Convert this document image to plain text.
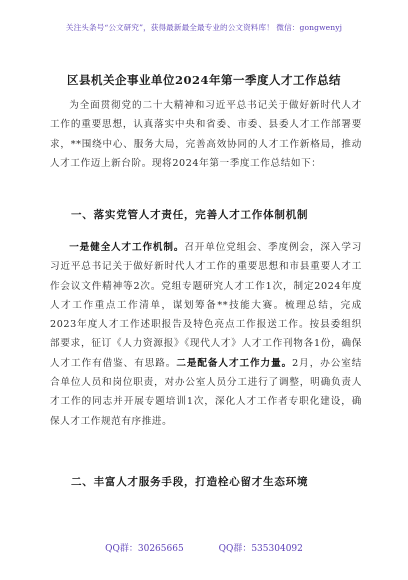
关注头条号“公文研究”，获得最新最全最专业的公文资料库！ 微信：gongwenyj
区县机关企事业单位2024年第一季度人才工作总结
为全面贯彻党的二十大精神和习近平总书记关于做好新时代人才工作的重要思想，认真落实中央和省委、市委、县委人才工作部署要求，**围绕中心、服务大局，完善高效协同的人才工作新格局，推动人才工作迈上新台阶。现将2024年第一季度工作总结如下：
一、落实党管人才责任，完善人才工作体制机制
一是健全人才工作机制。召开单位党组会、季度例会，深入学习习近平总书记关于做好新时代人才工作的重要思想和市县重要人才工作会议文件精神等2次。党组专题研究人才工作1次，制定2024年度人才工作重点工作清单，谋划筹备**技能大赛。梳理总结，完成2023年度人才工作述职报告及特色亮点工作报送工作。按县委组织部要求，征订《人力资源报》《现代人才》人才工作刊物各1份，确保人才工作有借鉴、有思路。二是配备人才工作力量。2月，办公室结合单位人员和岗位职责，对办公室人员分工进行了调整，明确负责人才工作的同志并开展专题培训1次，深化人才工作者专职化建设，确保人才工作规范有序推进。
二、丰富人才服务手段，打造栓心留才生态环境
QQ群：30265665	QQ群：535304092
